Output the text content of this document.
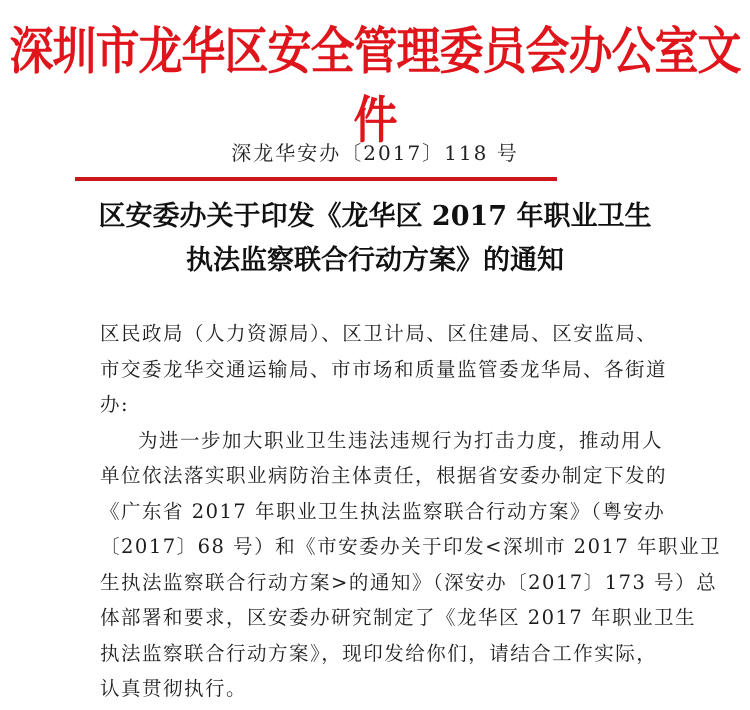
深圳市龙华区安全管理委员会办公室文件
深龙华安办〔2017〕118 号
区安委办关于印发《龙华区 2017 年职业卫生
执法监察联合行动方案》的通知
区民政局（人力资源局）、区卫计局、区住建局、区安监局、
市交委龙华交通运输局、市市场和质量监管委龙华局、各街道
办:
为进一步加大职业卫生违法违规行为打击力度，推动用人
单位依法落实职业病防治主体责任，根据省安委办制定下发的
《广东省 2017 年职业卫生执法监察联合行动方案》（粤安办
〔2017〕68 号）和《市安委办关于印发<深圳市 2017 年职业卫
生执法监察联合行动方案>的通知》（深安办〔2017〕173 号）总
体部署和要求，区安委办研究制定了《龙华区 2017 年职业卫生
执法监察联合行动方案》，现印发给你们，请结合工作实际，
认真贯彻执行。
